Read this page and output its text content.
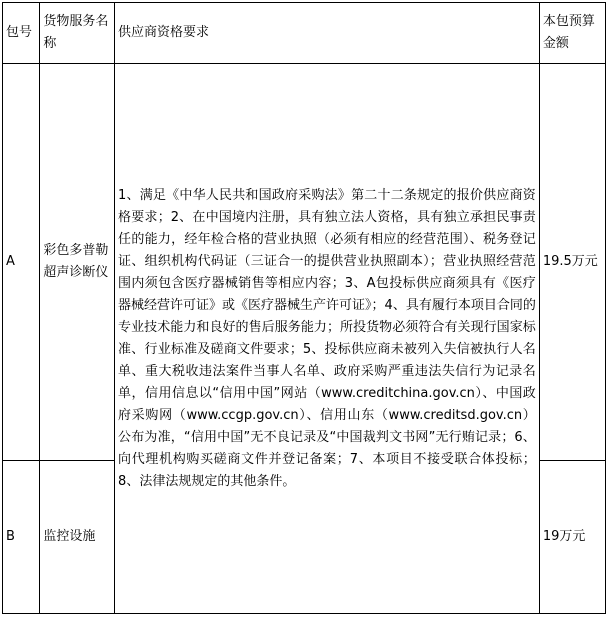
包号	货物服务名称	供应商资格要求	本包预算金额
A	彩色多普勒超声诊断仪	1、满足《中华人民共和国政府采购法》第二十二条规定的报价供应商资格要求；2、在中国境内注册，具有独立法人资格，具有独立承担民事责任的能力，经年检合格的营业执照（必须有相应的经营范围）、税务登记证、组织机构代码证（三证合一的提供营业执照副本）；营业执照经营范围内须包含医疗器械销售等相应内容；3、A包投标供应商须具有《医疗器械经营许可证》或《医疗器械生产许可证》；4、具有履行本项目合同的专业技术能力和良好的售后服务能力；所投货物必须符合有关现行国家标准、行业标准及磋商文件要求；5、投标供应商未被列入失信被执行人名单、重大税收违法案件当事人名单、政府采购严重违法失信行为记录名单，信用信息以“信用中国”网站（www.creditchina.gov.cn）、中国政府采购网（www.ccgp.gov.cn）、信用山东（www.creditsd.gov.cn）公布为准，“信用中国”无不良记录及“中国裁判文书网”无行贿记录；6、向代理机构购买磋商文件并登记备案；7、本项目不接受联合体投标；8、法律法规规定的其他条件。	19.5万元
B	监控设施		19万元
